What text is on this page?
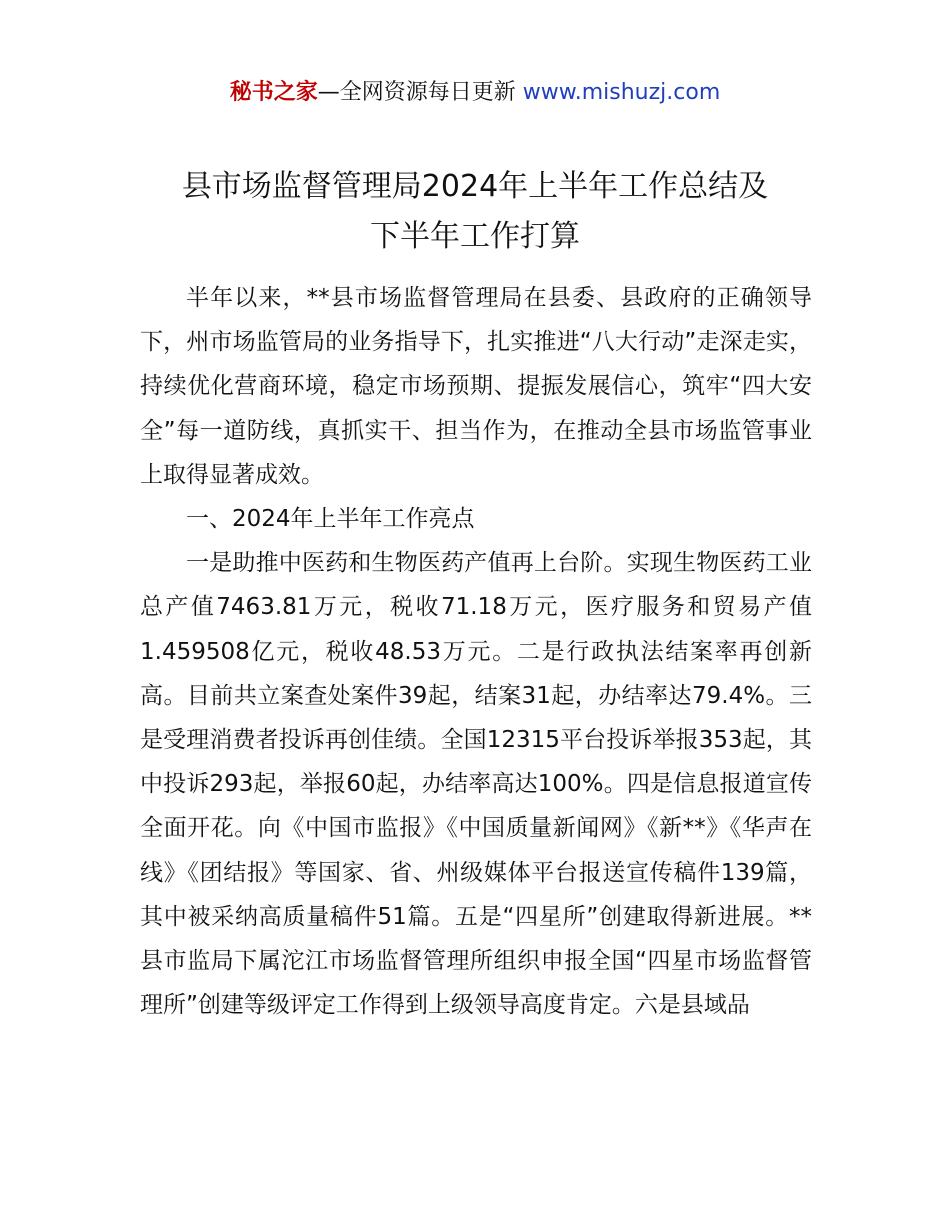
秘书之家—全网资源每日更新 www.mishuzj.com
县市场监督管理局2024年上半年工作总结及
下半年工作打算

半年以来，**县市场监督管理局在县委、县政府的正确领导下，州市场监管局的业务指导下，扎实推进“八大行动”走深走实，持续优化营商环境，稳定市场预期、提振发展信心，筑牢“四大安全”每一道防线，真抓实干、担当作为，在推动全县市场监管事业上取得显著成效。

一、2024年上半年工作亮点

一是助推中医药和生物医药产值再上台阶。实现生物医药工业总产值7463.81万元，税收71.18万元，医疗服务和贸易产值1.459508亿元，税收48.53万元。二是行政执法结案率再创新高。目前共立案查处案件39起，结案31起，办结率达79.4%。三是受理消费者投诉再创佳绩。全国12315平台投诉举报353起，其中投诉293起，举报60起，办结率高达100%。四是信息报道宣传全面开花。向《中国市监报》《中国质量新闻网》《新**》《华声在线》《团结报》等国家、省、州级媒体平台报送宣传稿件139篇，其中被采纳高质量稿件51篇。五是“四星所”创建取得新进展。**县市监局下属沱江市场监督管理所组织申报全国“四星市场监督管理所”创建等级评定工作得到上级领导高度肯定。六是县域品
